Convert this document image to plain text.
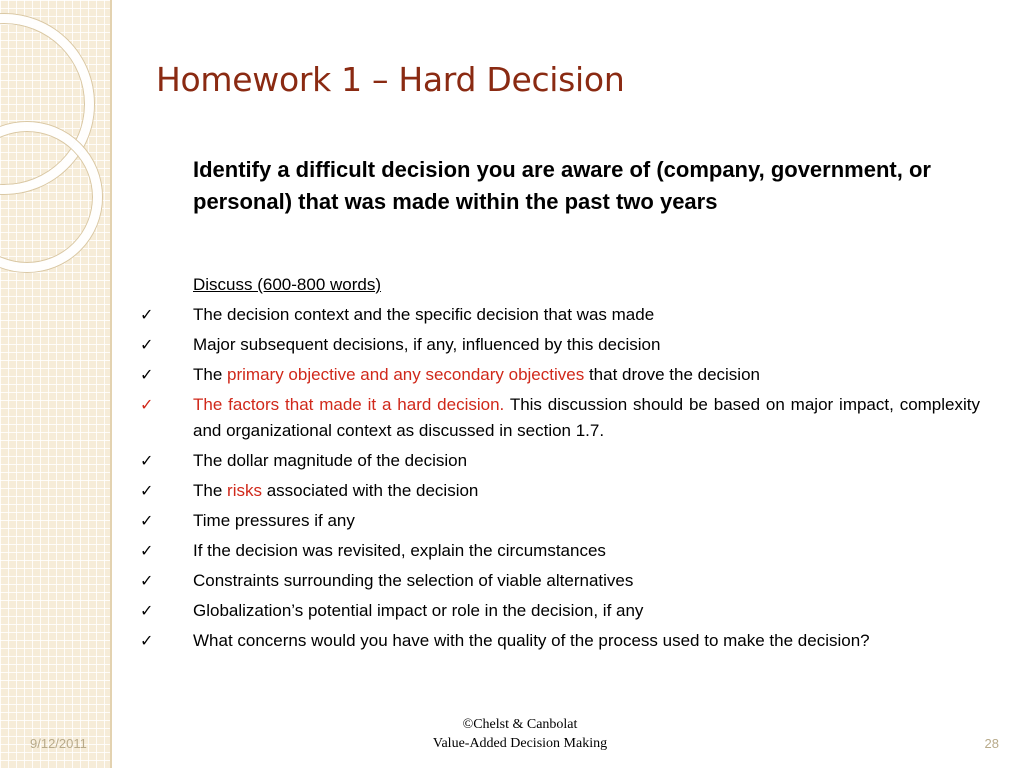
Homework 1 – Hard Decision
Identify a difficult decision you are aware of (company, government, or personal) that was made within the past two years
Discuss (600-800 words)
✓ The decision context and the specific decision that was made
✓ Major subsequent decisions, if any, influenced by this decision
✓ The primary objective and any secondary objectives that drove the decision
✓ The factors that made it a hard decision. This discussion should be based on major impact, complexity and organizational context as discussed in section 1.7.
✓ The dollar magnitude of the decision
✓ The risks associated with the decision
✓ Time pressures if any
✓ If the decision was revisited, explain the circumstances
✓ Constraints surrounding the selection of viable alternatives
✓ Globalization’s potential impact or role in the decision, if any
✓ What concerns would you have with the quality of the process used to make the decision?
9/12/2011
©Chelst & Canbolat
Value-Added Decision Making	28
